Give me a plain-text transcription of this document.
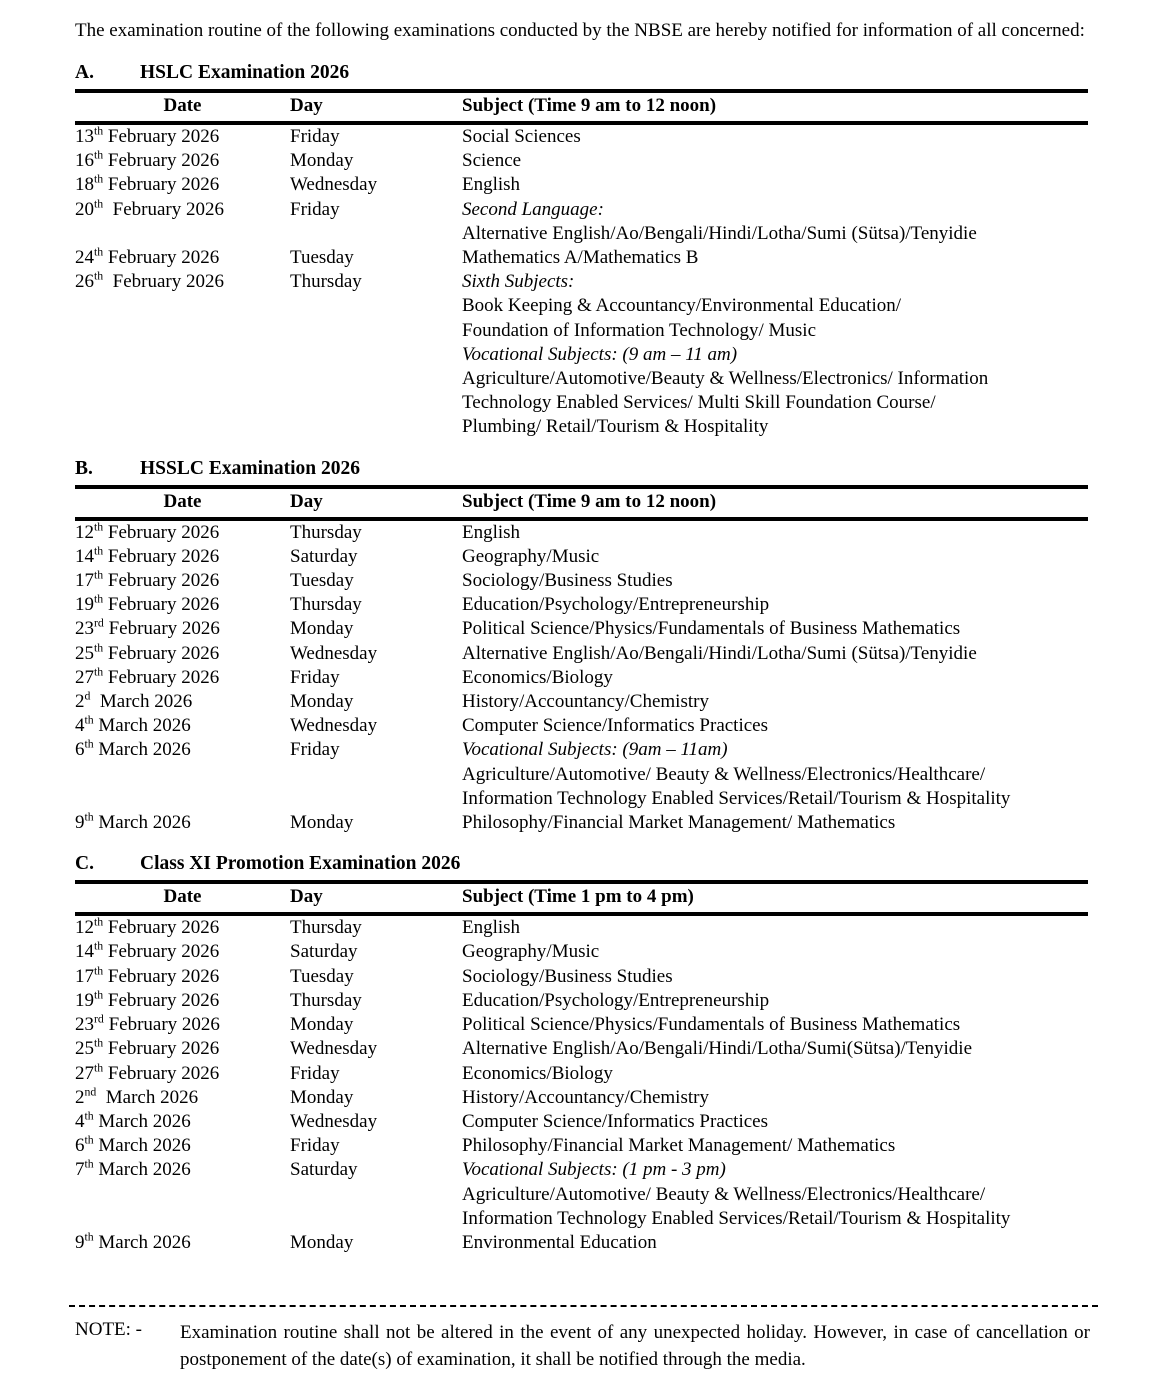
The examination routine of the following examinations conducted by the NBSE are hereby notified for information of all concerned:

A.	HSLC Examination 2026
Date	Day	Subject (Time 9 am to 12 noon)
13th February 2026	Friday	Social Sciences

16th February 2026	Monday	Science

18th February 2026	Wednesday	English

20th  February 2026	Friday	Second Language:
Alternative English/Ao/Bengali/Hindi/Lotha/Sumi (Sütsa)/Tenyidie

24th February 2026	Tuesday	Mathematics A/Mathematics B

26th  February 2026	Thursday	Sixth Subjects:
Book Keeping & Accountancy/Environmental Education/
Foundation of Information Technology/ Music
Vocational Subjects: (9 am – 11 am)
Agriculture/Automotive/Beauty & Wellness/Electronics/ Information
Technology Enabled Services/ Multi Skill Foundation Course/
Plumbing/ Retail/Tourism & Hospitality
B.	HSSLC Examination 2026
Date	Day	Subject (Time 9 am to 12 noon)
12th February 2026	Thursday	English

14th February 2026	Saturday	Geography/Music

17th February 2026	Tuesday	Sociology/Business Studies

19th February 2026	Thursday	Education/Psychology/Entrepreneurship

23rd February 2026	Monday	Political Science/Physics/Fundamentals of Business Mathematics

25th February 2026	Wednesday	Alternative English/Ao/Bengali/Hindi/Lotha/Sumi (Sütsa)/Tenyidie

27th February 2026	Friday	Economics/Biology

2$^d$  March 2026	Monday	History/Accountancy/Chemistry

4th March 2026	Wednesday	Computer Science/Informatics Practices

6th March 2026	Friday	Vocational Subjects: (9am – 11am)
Agriculture/Automotive/ Beauty & Wellness/Electronics/Healthcare/
Information Technology Enabled Services/Retail/Tourism & Hospitality

9th March 2026	Monday	Philosophy/Financial Market Management/ Mathematics
C.	Class XI Promotion Examination 2026
Date	Day	Subject (Time 1 pm to 4 pm)
12th February 2026	Thursday	English

14th February 2026	Saturday	Geography/Music

17th February 2026	Tuesday	Sociology/Business Studies

19th February 2026	Thursday	Education/Psychology/Entrepreneurship

23rd February 2026	Monday	Political Science/Physics/Fundamentals of Business Mathematics

25th February 2026	Wednesday	Alternative English/Ao/Bengali/Hindi/Lotha/Sumi(Sütsa)/Tenyidie

27th February 2026	Friday	Economics/Biology

2nd  March 2026	Monday	History/Accountancy/Chemistry

4th March 2026	Wednesday	Computer Science/Informatics Practices

6th March 2026	Friday	Philosophy/Financial Market Management/ Mathematics

7th March 2026	Saturday	Vocational Subjects: (1 pm - 3 pm)
Agriculture/Automotive/ Beauty & Wellness/Electronics/Healthcare/
Information Technology Enabled Services/Retail/Tourism & Hospitality

9th March 2026	Monday	Environmental Education
NOTE: -	Examination routine shall not be altered in the event of any unexpected holiday. However, in case of cancellation or postponement of the date(s) of examination, it shall be notified through the media.
